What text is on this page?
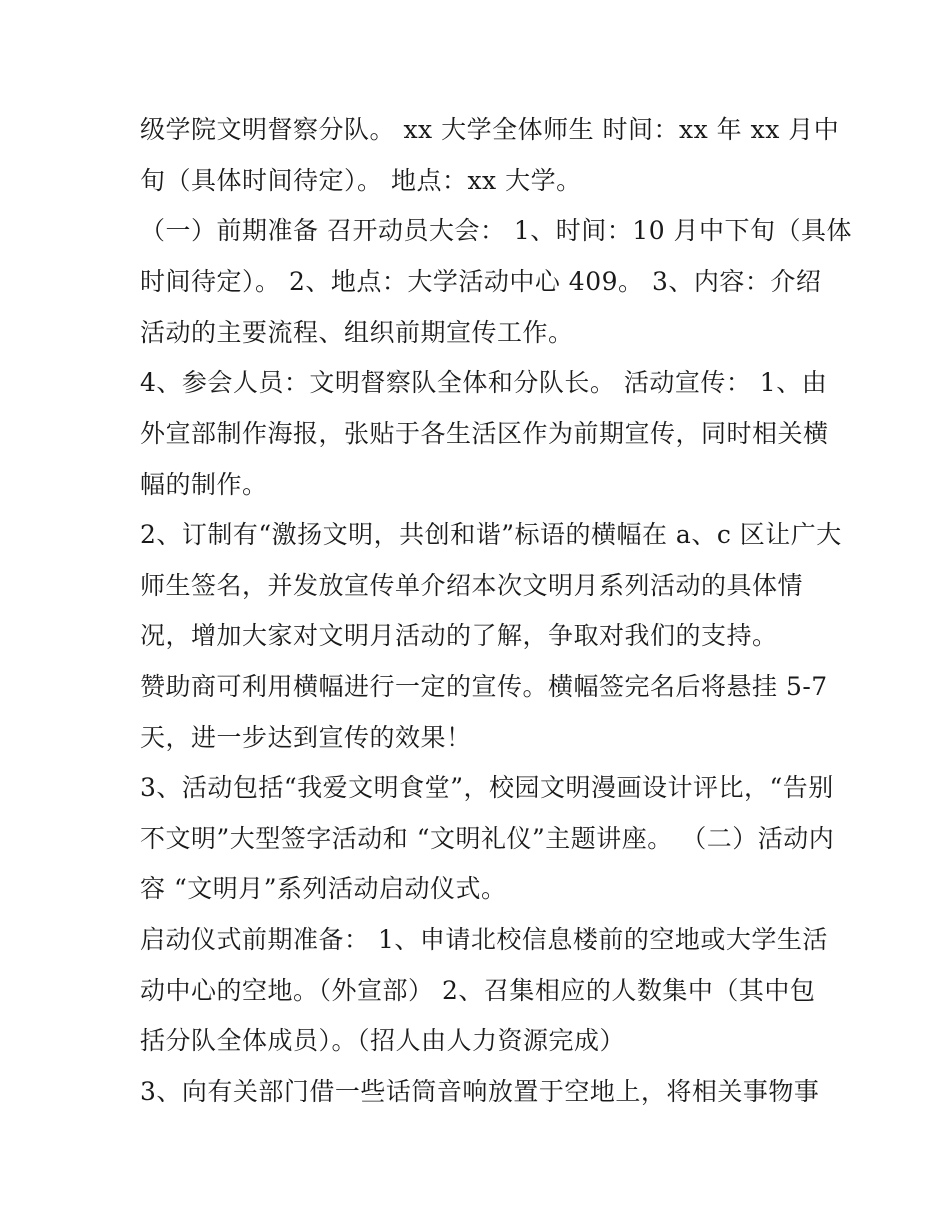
级学院文明督察分队。 xx 大学全体师生 时间：xx 年 xx 月中
旬（具体时间待定）。 地点：xx 大学。
（一）前期准备 召开动员大会： 1、时间：10 月中下旬（具体
时间待定）。 2、地点：大学活动中心 409。 3、内容：介绍
活动的主要流程、组织前期宣传工作。
4、参会人员：文明督察队全体和分队长。 活动宣传： 1、由
外宣部制作海报，张贴于各生活区作为前期宣传，同时相关横
幅的制作。
2、订制有“激扬文明，共创和谐”标语的横幅在 a、c 区让广大
师生签名，并发放宣传单介绍本次文明月系列活动的具体情
况，增加大家对文明月活动的了解，争取对我们的支持。
赞助商可利用横幅进行一定的宣传。横幅签完名后将悬挂 5-7
天，进一步达到宣传的效果！
3、活动包括“我爱文明食堂”，校园文明漫画设计评比，“告别
不文明”大型签字活动和 “文明礼仪”主题讲座。 （二）活动内
容 “文明月”系列活动启动仪式。
启动仪式前期准备： 1、申请北校信息楼前的空地或大学生活
动中心的空地。（外宣部） 2、召集相应的人数集中（其中包
括分队全体成员）。（招人由人力资源完成）
3、向有关部门借一些话筒音响放置于空地上，将相关事物事
